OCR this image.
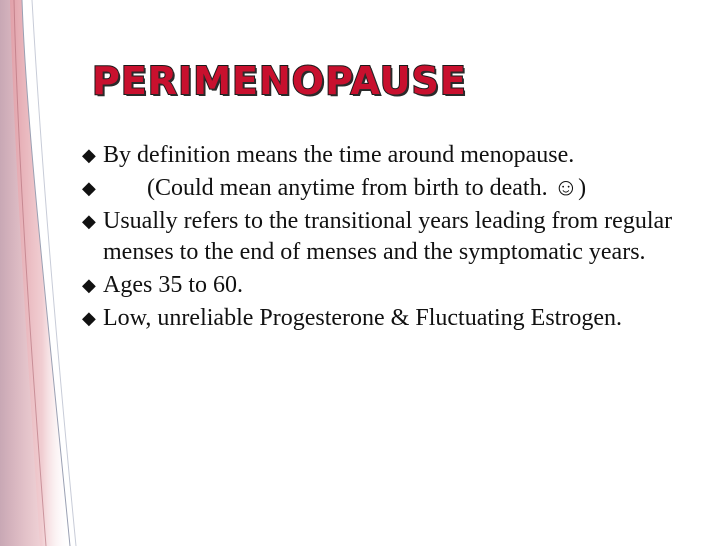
PERIMENOPAUSE
◆ By definition means the time around menopause.
◆ (Could mean anytime from birth to death. ☺)
◆ Usually refers to the transitional years leading from regular menses to the end of menses and the symptomatic years.
◆ Ages 35 to 60.
◆ Low, unreliable Progesterone & Fluctuating Estrogen.
